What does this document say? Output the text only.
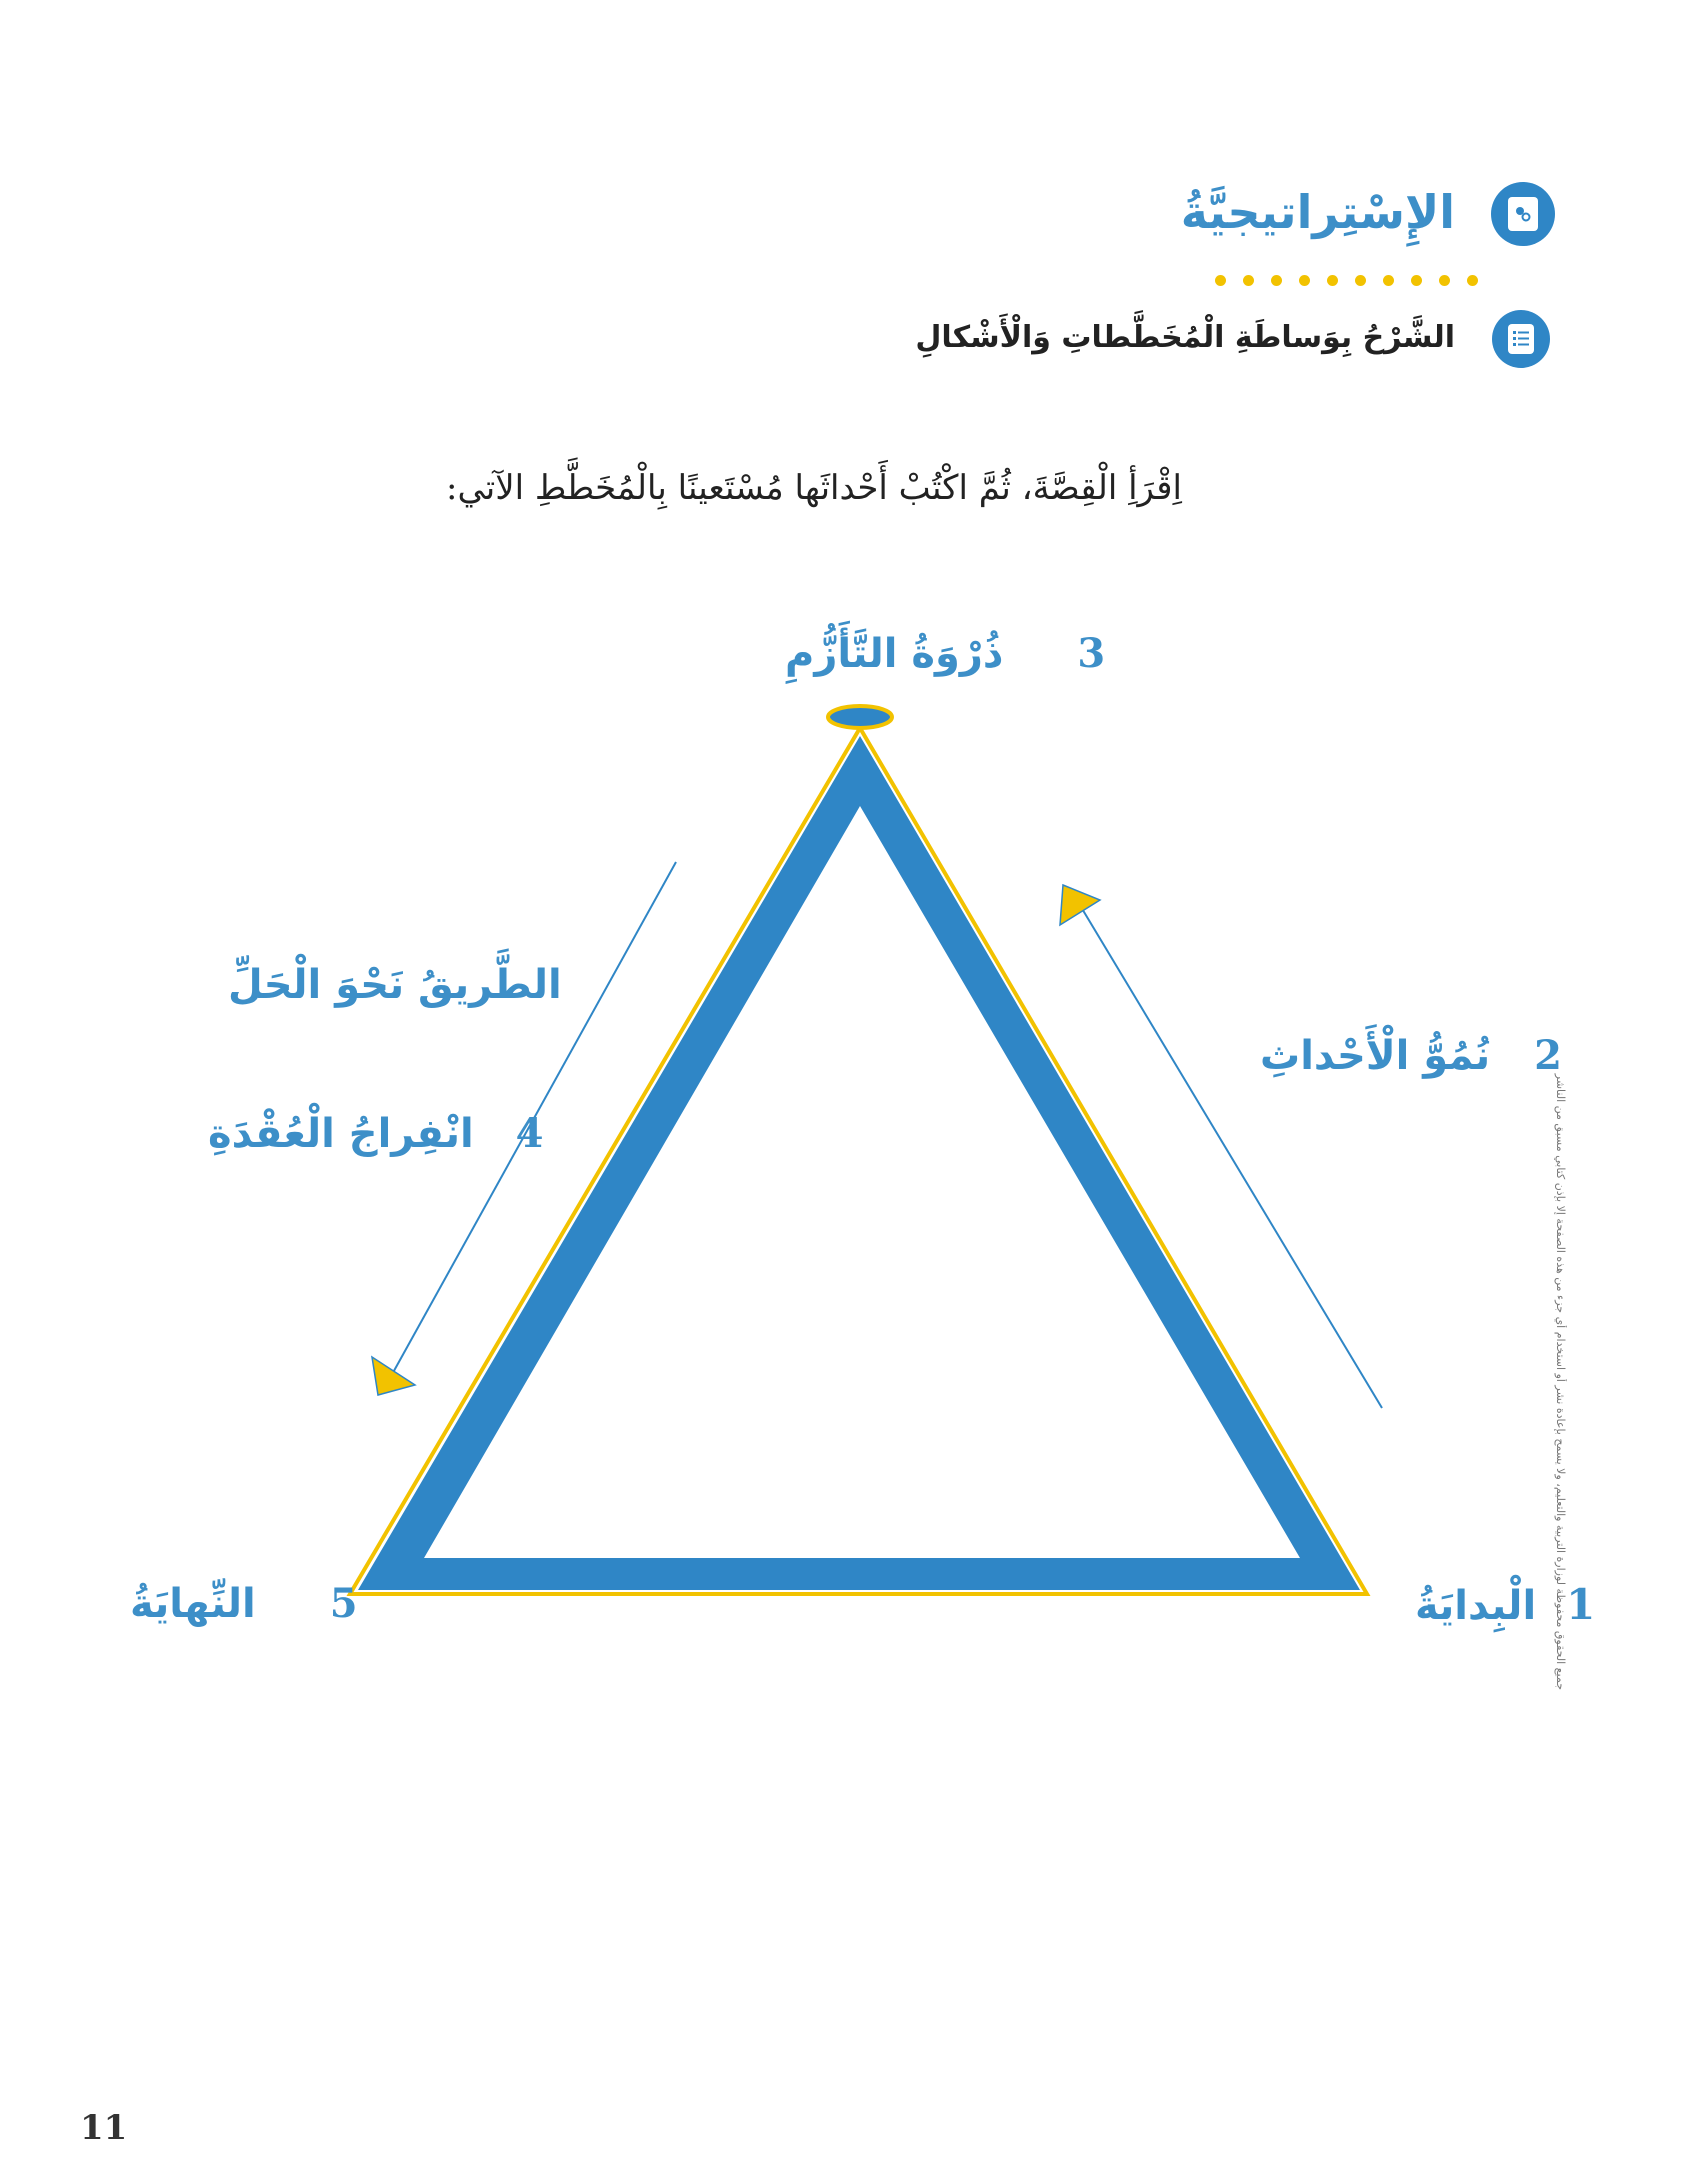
الإِسْتِراتيجيَّةُ
الشَّرْحُ بِوَساطَةِ الْمُخَطَّطاتِ وَالْأَشْكالِ
اِقْرَأِ الْقِصَّةَ، ثُمَّ اكْتُبْ أَحْداثَها مُسْتَعينًا بِالْمُخَطَّطِ الآتي:
ذُرْوَةُ التَّأَزُّمِ 3
نُمُوُّ الْأَحْداثِ 2
الطَّريقُ نَحْوَ الْحَلِّ
انْفِراجُ الْعُقْدَةِ 4
الْبِدايَةُ 1
النِّهايَةُ 5	جميع الحقوق محفوظة لوزارة التربية والتعليم، ولا يسمح بإعادة نشر أو استخدام أي جزء من هذه الصفحة إلا بإذن كتابي مسبق من الناشر
11
